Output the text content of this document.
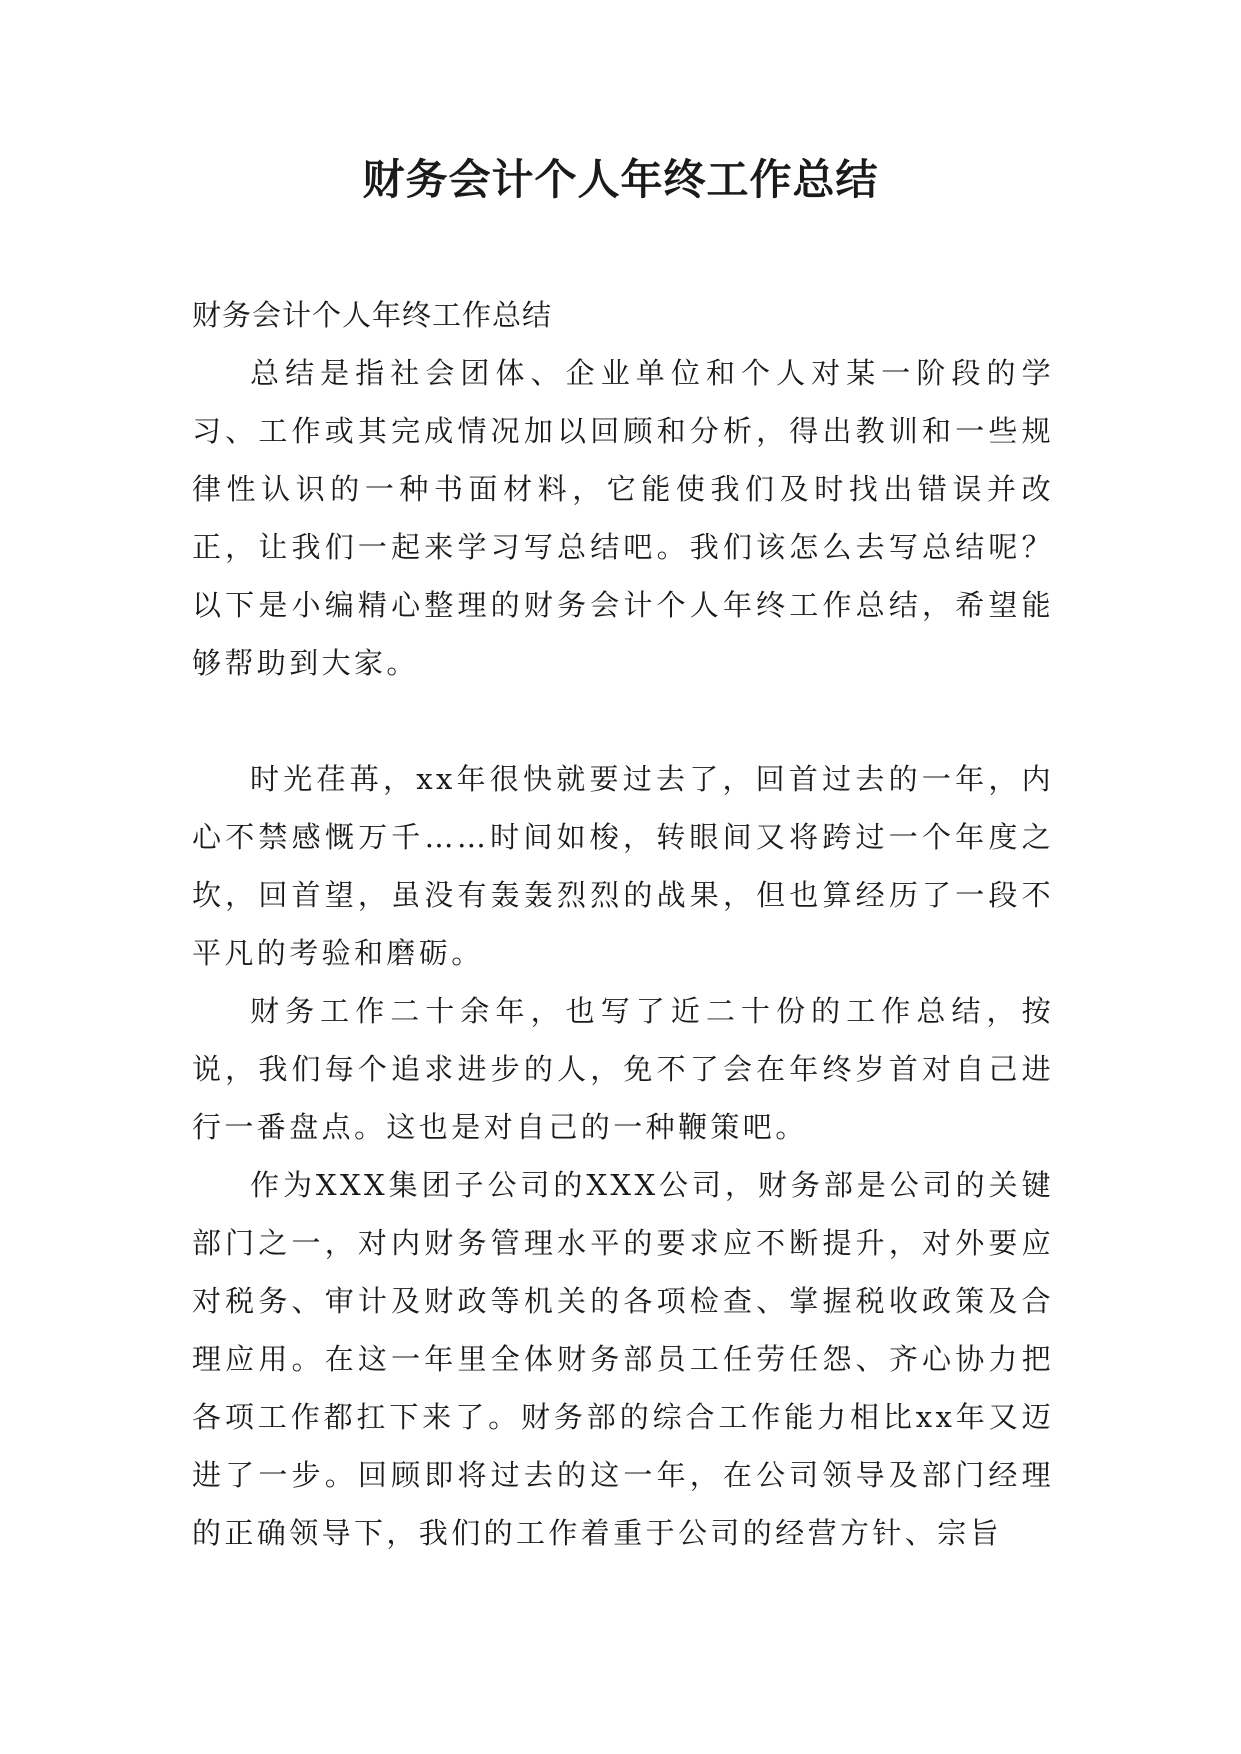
财务会计个人年终工作总结

财务会计个人年终工作总结

总结是指社会团体、企业单位和个人对某一阶段的学习、工作或其完成情况加以回顾和分析，得出教训和一些规律性认识的一种书面材料，它能使我们及时找出错误并改正，让我们一起来学习写总结吧。我们该怎么去写总结呢？以下是小编精心整理的财务会计个人年终工作总结，希望能够帮助到大家。

时光荏苒，xx年很快就要过去了，回首过去的一年，内心不禁感慨万千……时间如梭，转眼间又将跨过一个年度之坎，回首望，虽没有轰轰烈烈的战果，但也算经历了一段不平凡的考验和磨砺。

财务工作二十余年，也写了近二十份的工作总结，按说，我们每个追求进步的人，免不了会在年终岁首对自己进行一番盘点。这也是对自己的一种鞭策吧。

作为XXX集团子公司的XXX公司，财务部是公司的关键部门之一，对内财务管理水平的要求应不断提升，对外要应对税务、审计及财政等机关的各项检查、掌握税收政策及合理应用。在这一年里全体财务部员工任劳任怨、齐心协力把各项工作都扛下来了。财务部的综合工作能力相比xx年又迈进了一步。回顾即将过去的这一年，在公司领导及部门经理的正确领导下，我们的工作着重于公司的经营方针、宗旨
